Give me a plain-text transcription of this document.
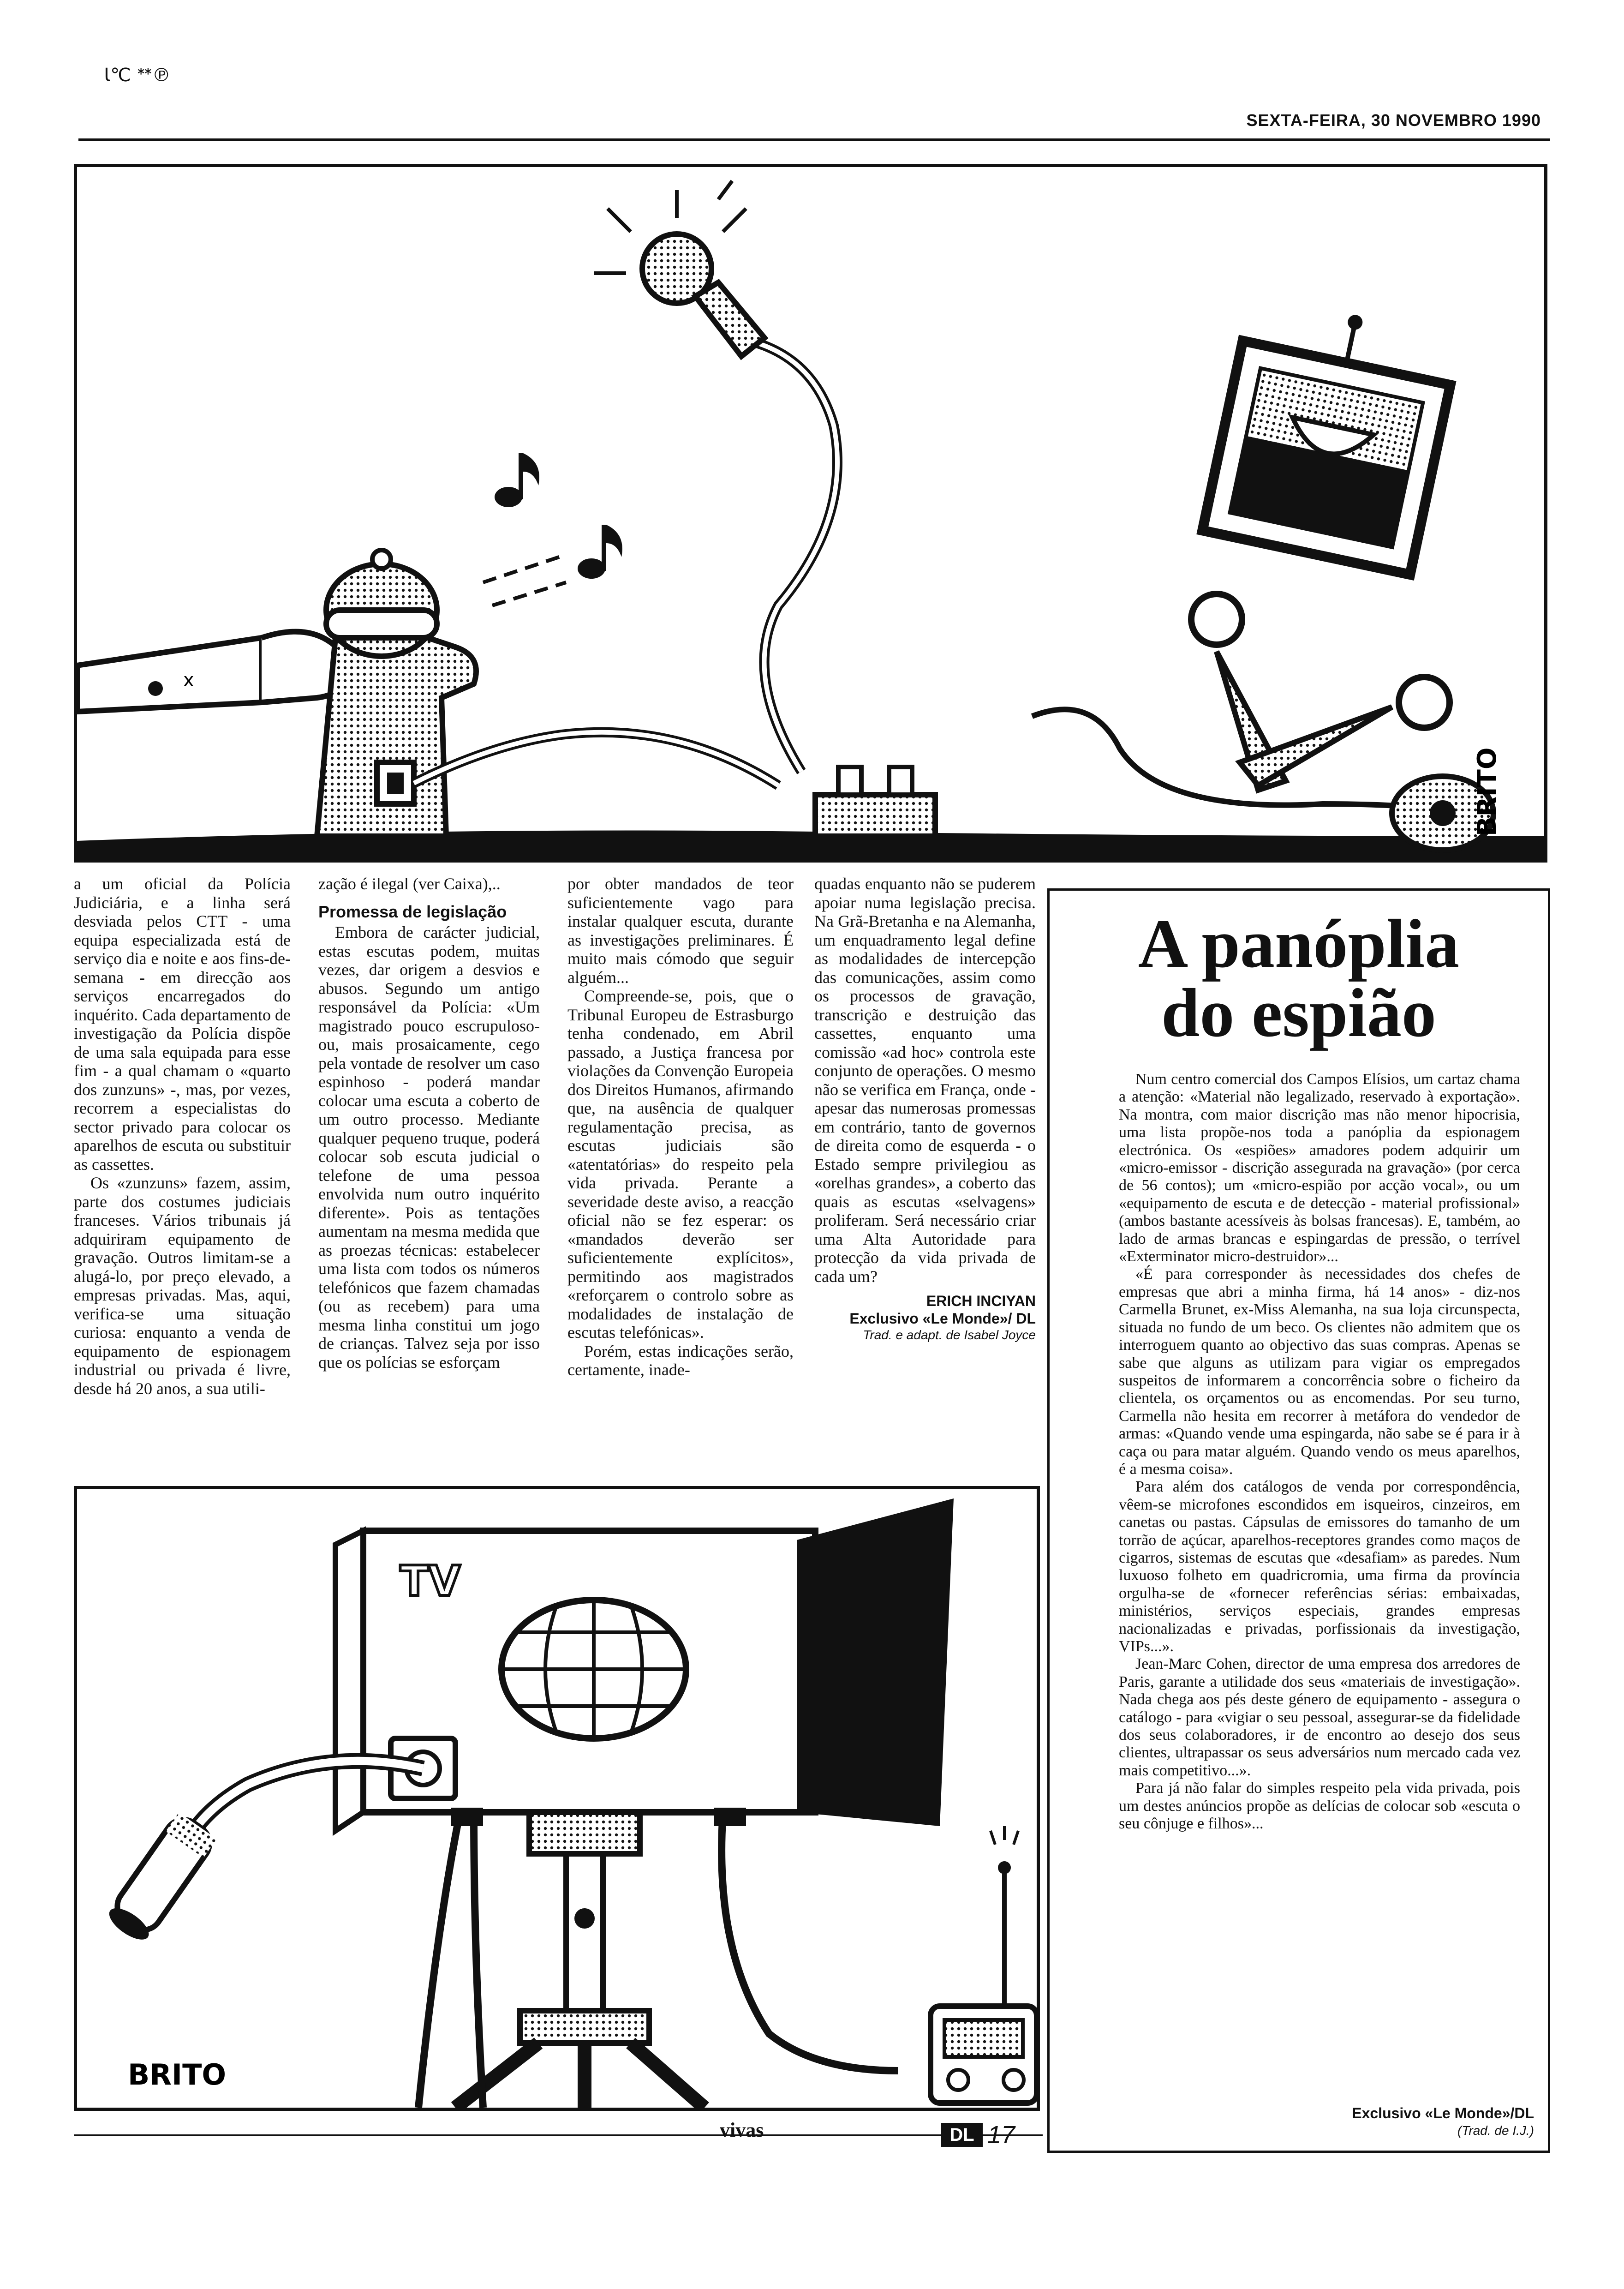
Ɩ℃ ᕯ℗
SEXTA-FEIRA, 30 NOVEMBRO 1990
x
BRITO

a um oficial da Polícia Judiciária, e a linha será desviada pelos CTT - uma equipa especializada está de serviço dia e noite e aos fins-de-semana - em direcção aos serviços encarregados do inquérito. Cada departamento de investigação da Polícia dispõe de uma sala equipada para esse fim - a qual chamam o «quarto dos zunzuns» -, mas, por vezes, recorrem a especialistas do sector privado para colocar os aparelhos de escuta ou substituir as cassettes.

Os «zunzuns» fazem, assim, parte dos costumes judiciais franceses. Vários tribunais já adquiriram equipamento de gravação. Outros limitam-se a alugá-lo, por preço elevado, a empresas privadas. Mas, aqui, verifica-se uma situação curiosa: enquanto a venda de equipamento de espionagem industrial ou privada é livre, desde há 20 anos, a sua utili-

zação é ilegal (ver Caixa),..

Promessa de legislação

Embora de carácter judicial, estas escutas podem, muitas vezes, dar origem a desvios e abusos. Segundo um antigo responsável da Polícia: «Um magistrado pouco escrupuloso-ou, mais prosaicamente, cego pela vontade de resolver um caso espinhoso - poderá mandar colocar uma escuta a coberto de um outro processo. Mediante qualquer pequeno truque, poderá colocar sob escuta judicial o telefone de uma pessoa envolvida num outro inquérito diferente». Pois as tentações aumentam na mesma medida que as proezas técnicas: estabelecer uma lista com todos os números telefónicos que fazem chamadas (ou as recebem) para uma mesma linha constitui um jogo de crianças. Talvez seja por isso que os polícias se esforçam

por obter mandados de teor suficientemente vago para instalar qualquer escuta, durante as investigações preliminares. É muito mais cómodo que seguir alguém...

Compreende-se, pois, que o Tribunal Europeu de Estrasburgo tenha condenado, em Abril passado, a Justiça francesa por violações da Convenção Europeia dos Direitos Humanos, afirmando que, na ausência de qualquer regulamentação precisa, as escutas judiciais são «atentatórias» do respeito pela vida privada. Perante a severidade deste aviso, a reacção oficial não se fez esperar: os «mandados deverão ser suficientemente explícitos», permitindo aos magistrados «reforçarem o controlo sobre as modalidades de instalação de escutas telefónicas».

Porém, estas indicações serão, certamente, inade-

quadas enquanto não se puderem apoiar numa legislação precisa. Na Grã-Bretanha e na Alemanha, um enquadramento legal define as modalidades de intercepção das comunicações, assim como os processos de gravação, transcrição e destruição das cassettes, enquanto uma comissão «ad hoc» controla este conjunto de operações. O mesmo não se verifica em França, onde - apesar das numerosas promessas em contrário, tanto de governos de direita como de esquerda - o Estado sempre privilegiou as «orelhas grandes», a coberto das quais as escutas «selvagens» proliferam. Será necessário criar uma Alta Autoridade para protecção da vida privada de cada um?

ERICH INCIYAN
Exclusivo «Le Monde»/ DL
Trad. e adapt. de Isabel Joyce
TV
BRITO
A panóplia
do espião

Num centro comercial dos Campos Elísios, um cartaz chama a atenção: «Material não legalizado, reservado à exportação». Na montra, com maior discrição mas não menor hipocrisia, uma lista propõe-nos toda a panóplia da espionagem electrónica. Os «espiões» amadores podem adquirir um «micro-emissor - discrição assegurada na gravação» (por cerca de 56 contos); um «micro-espião por acção vocal», ou um «equipamento de escuta e de detecção - material profissional» (ambos bastante acessíveis às bolsas francesas). E, também, ao lado de armas brancas e espingardas de pressão, o terrível «Exterminator micro-destruidor»...

«É para corresponder às necessidades dos chefes de empresas que abri a minha firma, há 14 anos» - diz-nos Carmella Brunet, ex-Miss Alemanha, na sua loja circunspecta, situada no fundo de um beco. Os clientes não admitem que os interroguem quanto ao objectivo das suas compras. Apenas se sabe que alguns as utilizam para vigiar os empregados suspeitos de informarem a concorrência sobre o ficheiro da clientela, os orçamentos ou as encomendas. Por seu turno, Carmella não hesita em recorrer à metáfora do vendedor de armas: «Quando vende uma espingarda, não sabe se é para ir à caça ou para matar alguém. Quando vendo os meus aparelhos, é a mesma coisa».

Para além dos catálogos de venda por correspondência, vêem-se microfones escondidos em isqueiros, cinzeiros, em canetas ou pastas. Cápsulas de emissores do tamanho de um torrão de açúcar, aparelhos-receptores grandes como maços de cigarros, sistemas de escutas que «desafiam» as paredes. Num luxuoso folheto em quadricromia, uma firma da província orgulha-se de «fornecer referências sérias: embaixadas, ministérios, serviços especiais, grandes empresas nacionalizadas e privadas, porfissionais da investigação, VIPs...».

Jean-Marc Cohen, director de uma empresa dos arredores de Paris, garante a utilidade dos seus «materiais de investigação». Nada chega aos pés deste género de equipamento - assegura o catálogo - para «vigiar o seu pessoal, assegurar-se da fidelidade dos seus colaboradores, ir de encontro ao desejo dos seus clientes, ultrapassar os seus adversários num mercado cada vez mais competitivo...».

Para já não falar do simples respeito pela vida privada, pois um destes anúncios propõe as delícias de colocar sob «escuta o seu cônjuge e filhos»...

Exclusivo «Le Monde»/DL
(Trad. de I.J.)
vivas	DL 17
